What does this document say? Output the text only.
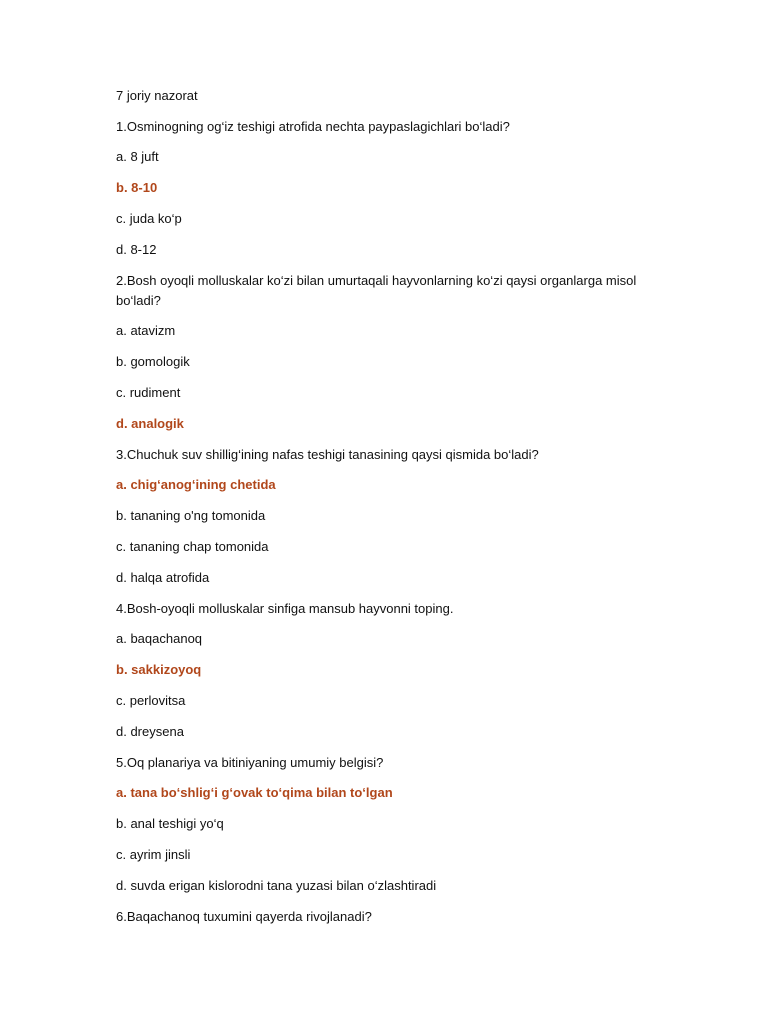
7 joriy nazorat
1.Osminogning og‘iz teshigi atrofida nechta paypaslagichlari bo‘ladi?
a. 8 juft
b. 8-10
c. juda ko‘p
d. 8-12
2.Bosh oyoqli molluskalar ko‘zi bilan umurtaqali hayvonlarning ko‘zi qaysi organlarga misol bo‘ladi?
a. atavizm
b. gomologik
c. rudiment
d. analogik
3.Chuchuk suv shillig‘ining nafas teshigi tanasining qaysi qismida bo‘ladi?
a. chig‘anog‘ining chetida
b. tananing o'ng tomonida
c. tananing chap tomonida
d. halqa atrofida
4.Bosh-oyoqli molluskalar sinfiga mansub hayvonni toping.
a. baqachanoq
b. sakkizoyoq
c. perlovitsa
d. dreysena
5.Oq planariya va bitiniyaning umumiy belgisi?
a. tana bo‘shlig‘i g‘ovak to‘qima bilan to‘lgan
b. anal teshigi yo‘q
c. ayrim jinsli
d. suvda erigan kislorodni tana yuzasi bilan o‘zlashtiradi
6.Baqachanoq tuxumini qayerda rivojlanadi?
